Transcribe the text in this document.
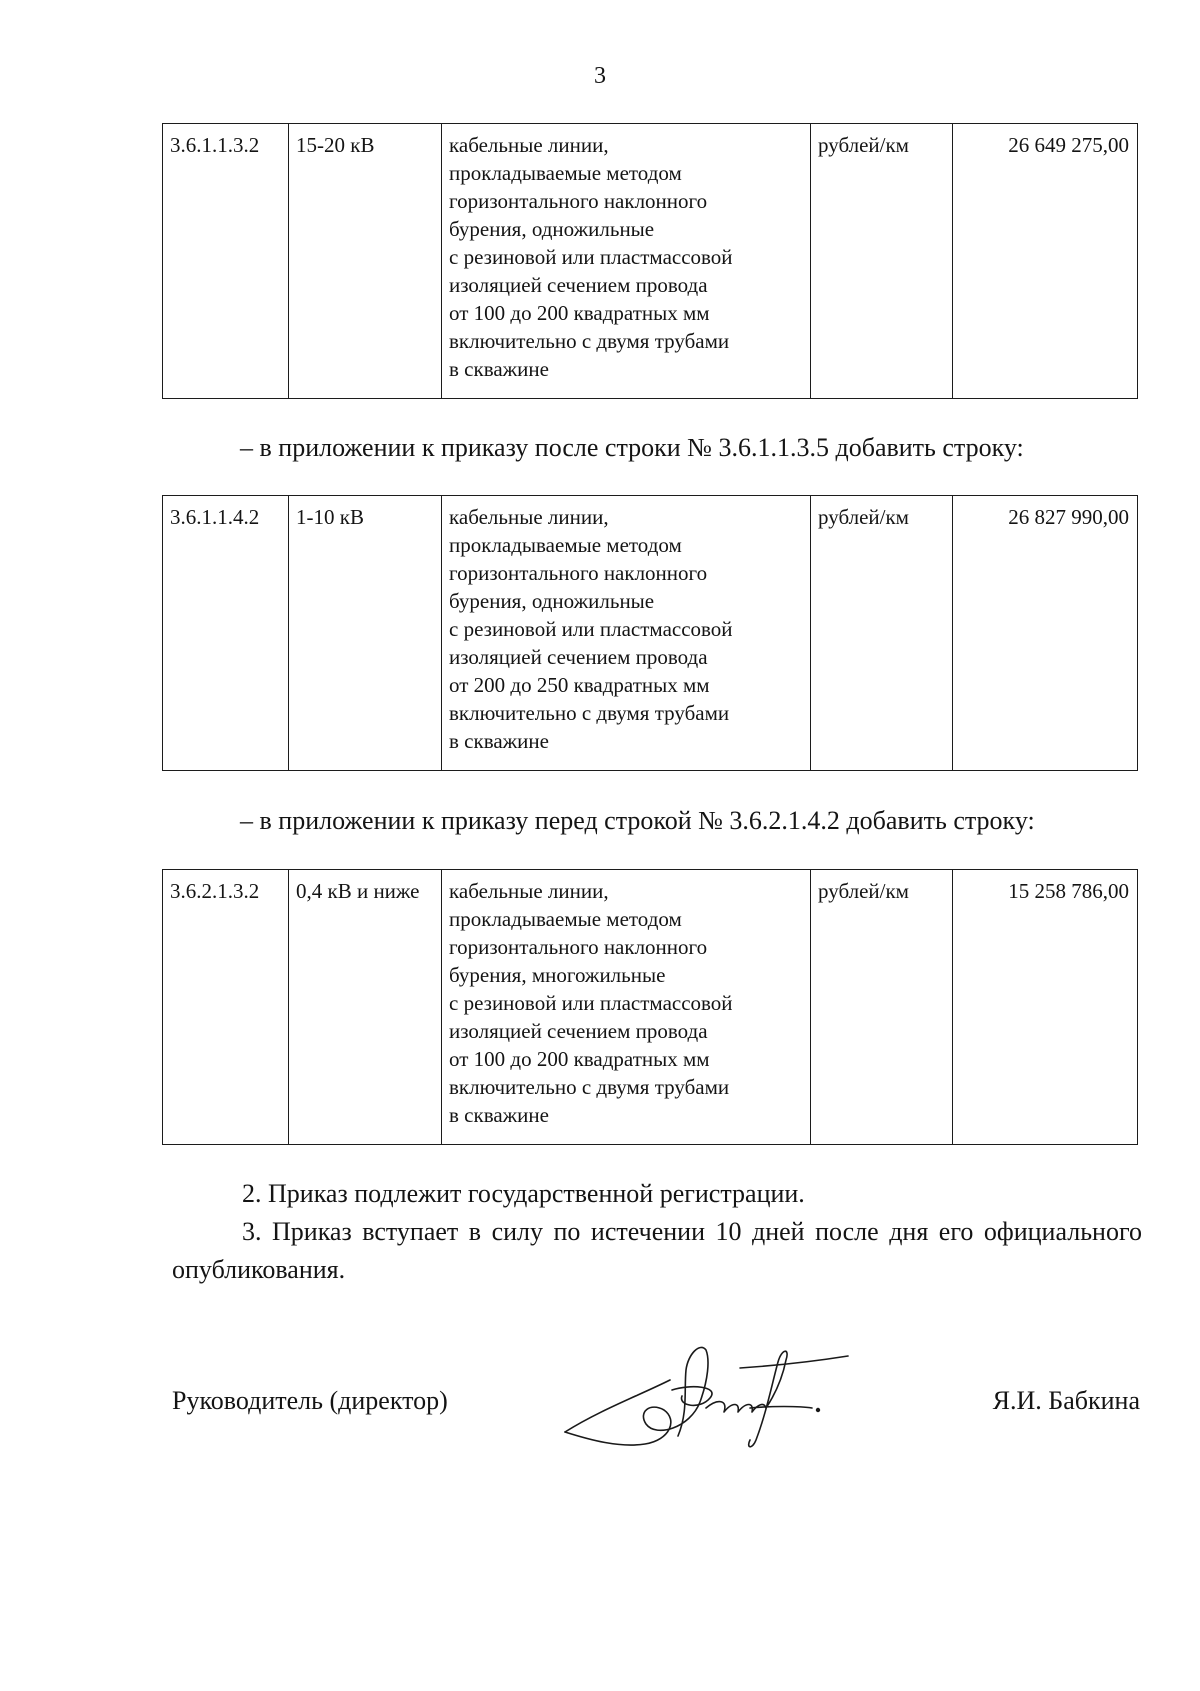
3
3.6.1.1.3.2	15-20 кВ	кабельные линии,
прокладываемые методом
горизонтального наклонного
бурения, одножильные
с резиновой или пластмассовой
изоляцией сечением провода
от 100 до 200 квадратных мм
включительно с двумя трубами
в скважине
	рублей/км	26 649 275,00
– в приложении к приказу после строки № 3.6.1.1.3.5 добавить строку:
3.6.1.1.4.2	1-10 кВ	кабельные линии,
прокладываемые методом
горизонтального наклонного
бурения, одножильные
с резиновой или пластмассовой
изоляцией сечением провода
от 200 до 250 квадратных мм
включительно с двумя трубами
в скважине
	рублей/км	26 827 990,00
– в приложении к приказу перед строкой № 3.6.2.1.4.2 добавить строку:
3.6.2.1.3.2	0,4 кВ и ниже	кабельные линии,
прокладываемые методом
горизонтального наклонного
бурения, многожильные
с резиновой или пластмассовой
изоляцией сечением провода
от 100 до 200 квадратных мм
включительно с двумя трубами
в скважине
	рублей/км	15 258 786,00
2. Приказ подлежит государственной регистрации.
3. Приказ вступает в силу по истечении 10 дней после дня его официального опубликования.
Руководитель (директор)	Я.И. Бабкина
